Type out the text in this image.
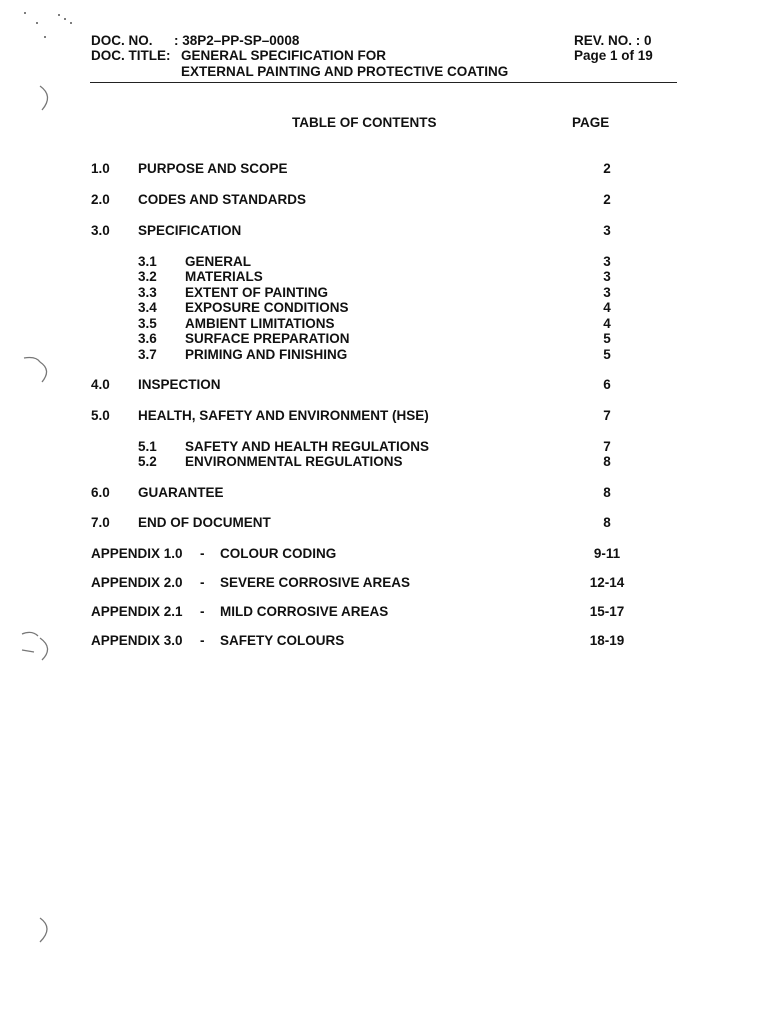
DOC. NO. : 38P2–PP-SP–0008	REV. NO. : 0
DOC. TITLE: GENERAL SPECIFICATION FOR	Page 1 of 19
EXTERNAL PAINTING AND PROTECTIVE COATING
TABLE OF CONTENTS	PAGE
1.0 PURPOSE AND SCOPE	2
2.0 CODES AND STANDARDS	2
3.0 SPECIFICATION	3
3.1 GENERAL	3
3.2 MATERIALS	3
3.3 EXTENT OF PAINTING	3
3.4 EXPOSURE CONDITIONS	4
3.5 AMBIENT LIMITATIONS	4
3.6 SURFACE PREPARATION	5
3.7 PRIMING AND FINISHING	5
4.0 INSPECTION	6
5.0 HEALTH, SAFETY AND ENVIRONMENT (HSE)	7
5.1 SAFETY AND HEALTH REGULATIONS	7
5.2 ENVIRONMENTAL REGULATIONS	8
6.0 GUARANTEE	8
7.0 END OF DOCUMENT	8
APPENDIX 1.0 - COLOUR CODING	9-11
APPENDIX 2.0 - SEVERE CORROSIVE AREAS	12-14
APPENDIX 2.1 - MILD CORROSIVE AREAS	15-17
APPENDIX 3.0 - SAFETY COLOURS	18-19
